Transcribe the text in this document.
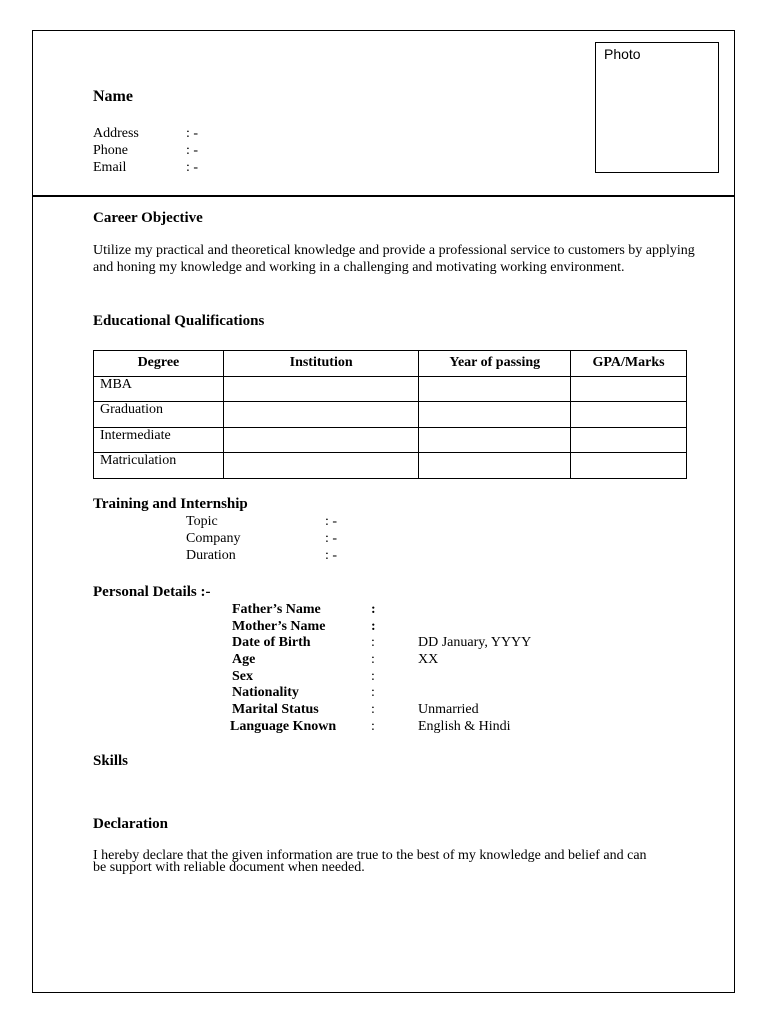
Photo
Name
Address	: -
Phone	: -
Email	: -
Career Objective
Utilize my practical and theoretical knowledge and provide a professional service to customers by applying and honing my knowledge and working in a challenging and motivating working environment.
Educational Qualifications
Degree	Institution	Year of passing	GPA/Marks
MBA			
Graduation			
Intermediate			
Matriculation			
Training and Internship
Topic	: -
Company	: -
Duration	: -
Personal Details :-
Father’s Name	:
Mother’s Name	:
Date of Birth	:	DD January, YYYY
Age	:	XX
Sex	:
Nationality	:
Marital Status	:	Unmarried
Language Known :	English & Hindi
Skills
Declaration
I hereby declare that the given information are true to the best of my knowledge and belief and can be support with reliable document when needed.
